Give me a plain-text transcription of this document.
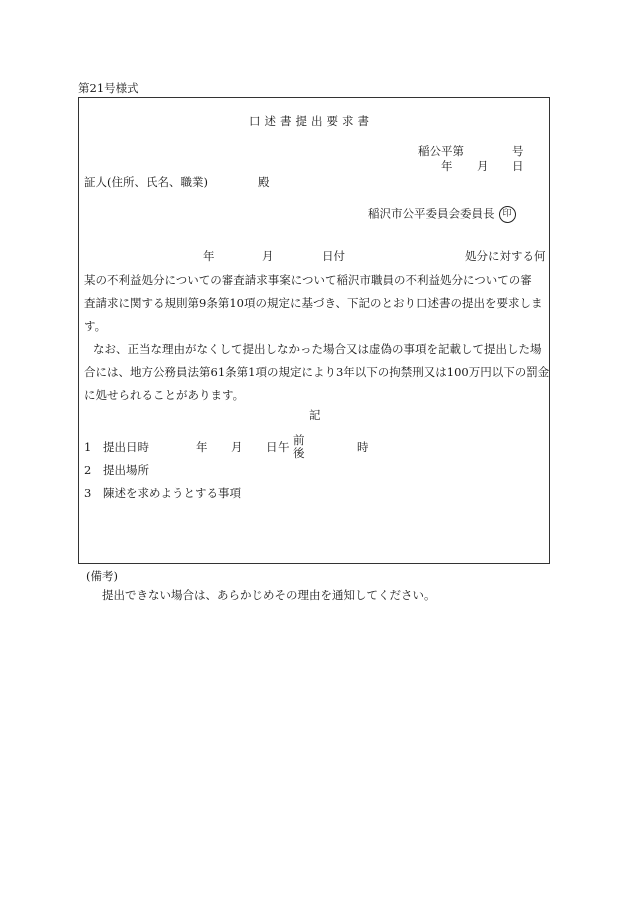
第21号様式
口述書提出要求書
稲公平第	号
年 月 日
証人(住所、氏名、職業)	殿
稲沢市公平委員会委員長 印
年	月	日付	処分に対する何
某の不利益処分についての審査請求事案について稲沢市職員の不利益処分についての審
査請求に関する規則第9条第10項の規定に基づき、下記のとおり口述書の提出を要求しま
す。
なお、正当な理由がなくして提出しなかった場合又は虚偽の事項を記載して提出した場
合には、地方公務員法第61条第1項の規定により3年以下の拘禁刑又は100万円以下の罰金
に処せられることがあります。
記
1 提出日時	年 月 日 午 前
後	時
2 提出場所
3 陳述を求めようとする事項
(備考)
提出できない場合は、あらかじめその理由を通知してください。
